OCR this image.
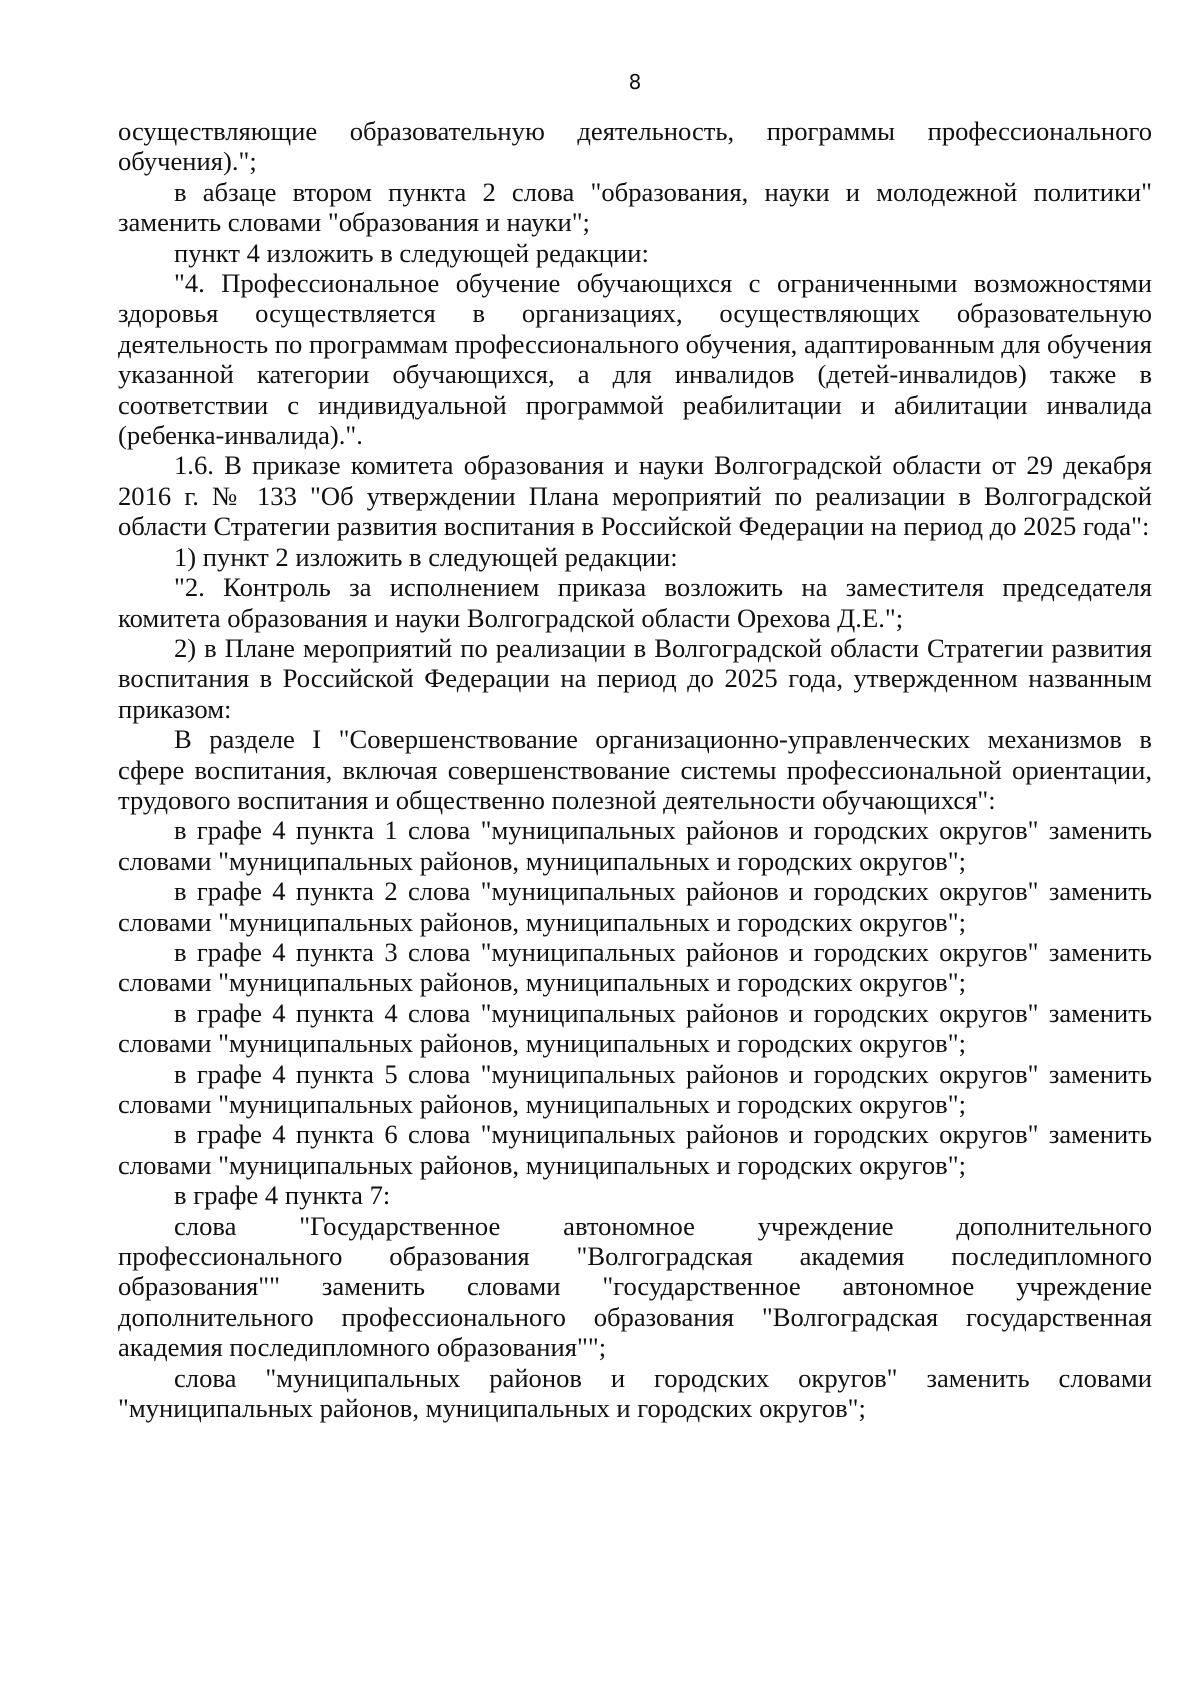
8

осуществляющие образовательную деятельность, программы профессионального обучения).";

в абзаце втором пункта 2 слова "образования, науки и молодежной политики" заменить словами "образования и науки";

пункт 4 изложить в следующей редакции:

"4. Профессиональное обучение обучающихся с ограниченными возможностями здоровья осуществляется в организациях, осуществляющих образовательную деятельность по программам профессионального обучения, адаптированным для обучения указанной категории обучающихся, а для инвалидов (детей-инвалидов) также в соответствии с индивидуальной программой реабилитации и абилитации инвалида (ребенка-инвалида).".

1.6. В приказе комитета образования и науки Волгоградской области от 29 декабря 2016 г. № 133 "Об утверждении Плана мероприятий по реализации в Волгоградской области Стратегии развития воспитания в Российской Федерации на период до 2025 года":

1) пункт 2 изложить в следующей редакции:

"2. Контроль за исполнением приказа возложить на заместителя председателя комитета образования и науки Волгоградской области Орехова Д.Е.";

2) в Плане мероприятий по реализации в Волгоградской области Стратегии развития воспитания в Российской Федерации на период до 2025 года, утвержденном названным приказом:

В разделе I "Совершенствование организационно-управленческих механизмов в сфере воспитания, включая совершенствование системы профессиональной ориентации, трудового воспитания и общественно полезной деятельности обучающихся":

в графе 4 пункта 1 слова "муниципальных районов и городских округов" заменить словами "муниципальных районов, муниципальных и городских округов";

в графе 4 пункта 2 слова "муниципальных районов и городских округов" заменить словами "муниципальных районов, муниципальных и городских округов";

в графе 4 пункта 3 слова "муниципальных районов и городских округов" заменить словами "муниципальных районов, муниципальных и городских округов";

в графе 4 пункта 4 слова "муниципальных районов и городских округов" заменить словами "муниципальных районов, муниципальных и городских округов";

в графе 4 пункта 5 слова "муниципальных районов и городских округов" заменить словами "муниципальных районов, муниципальных и городских округов";

в графе 4 пункта 6 слова "муниципальных районов и городских округов" заменить словами "муниципальных районов, муниципальных и городских округов";

в графе 4 пункта 7:

слова "Государственное автономное учреждение дополнительного профессионального образования "Волгоградская академия последипломного образования"" заменить словами "государственное автономное учреждение дополнительного профессионального образования "Волгоградская государственная академия последипломного образования"";

слова "муниципальных районов и городских округов" заменить словами "муниципальных районов, муниципальных и городских округов";
